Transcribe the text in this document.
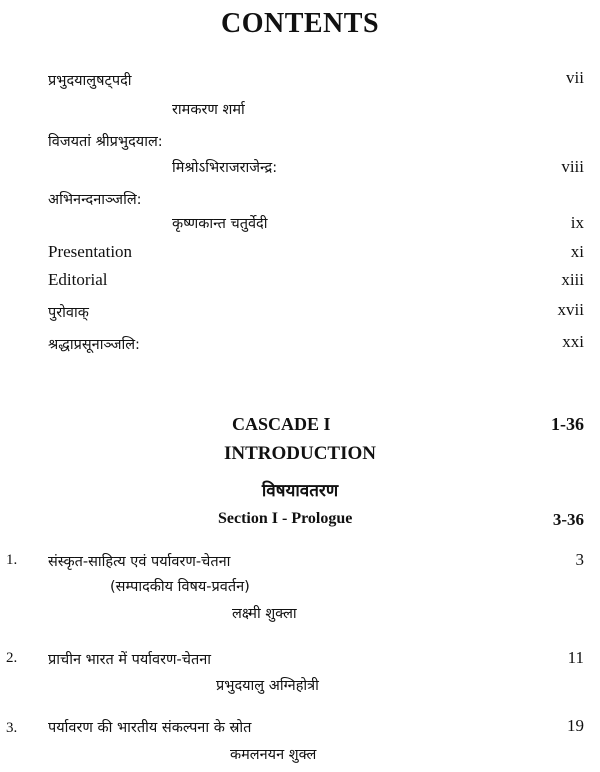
CONTENTS
प्रभुदयालुषट्पदी	vii
रामकरण शर्मा
विजयतां श्रीप्रभुदयाल:
मिश्रोऽभिराजराजेन्द्र:	viii
अभिनन्दनाञ्जलि:
कृष्णकान्त चतुर्वेदी	ix
Presentation	xi
Editorial	xiii
पुरोवाक्	xvii
श्रद्धाप्रसूनाञ्जलि:	xxi
CASCADE I	1-36
INTRODUCTION
विषयावतरण
Section I - Prologue	3-36
1. संस्कृत-साहित्य एवं पर्यावरण-चेतना	3
(सम्पादकीय विषय-प्रवर्तन)
लक्ष्मी शुक्ला
2. प्राचीन भारत में पर्यावरण-चेतना	11
प्रभुदयालु अग्निहोत्री
3. पर्यावरण की भारतीय संकल्पना के स्रोत	19
कमलनयन शुक्ल
